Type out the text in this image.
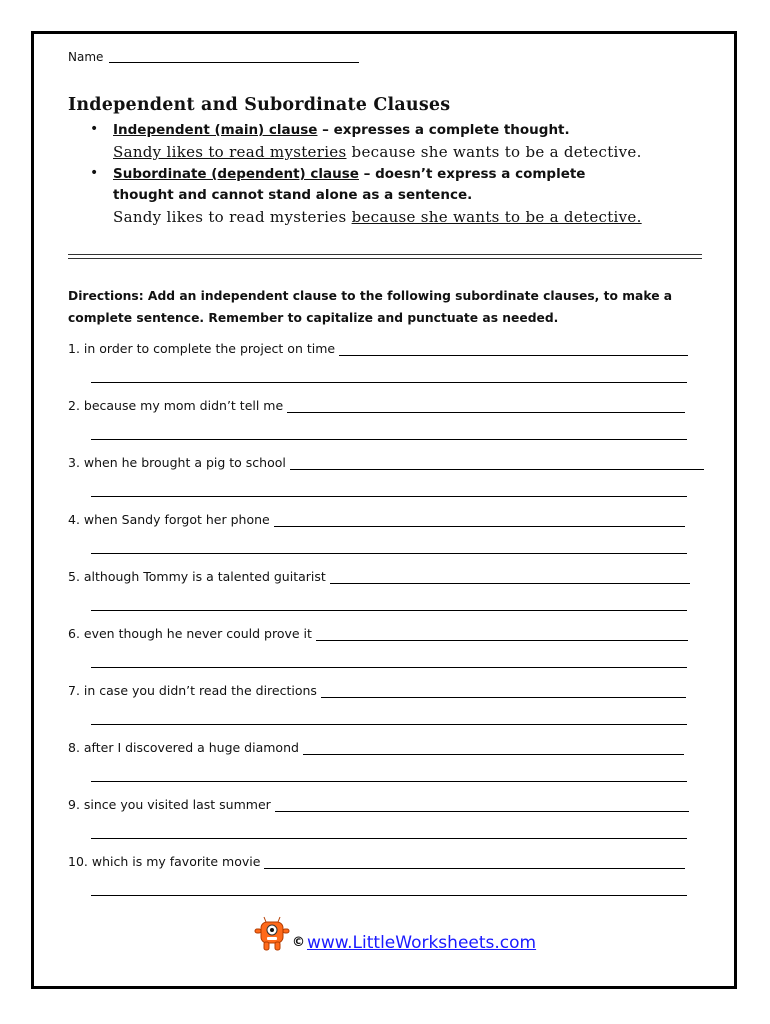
Name
Independent and Subordinate Clauses
• Independent (main) clause – expresses a complete thought.
Sandy likes to read mysteries because she wants to be a detective.
• Subordinate (dependent) clause – doesn’t express a complete
thought and cannot stand alone as a sentence.
Sandy likes to read mysteries because she wants to be a detective.
Directions: Add an independent clause to the following subordinate clauses, to make a complete sentence. Remember to capitalize and punctuate as needed.
1. in order to complete the project on time
2. because my mom didn’t tell me
3. when he brought a pig to school
4. when Sandy forgot her phone
5. although Tommy is a talented guitarist
6. even though he never could prove it
7. in case you didn’t read the directions
8. after I discovered a huge diamond
9. since you visited last summer
10. which is my favorite movie
© www.LittleWorksheets.com
